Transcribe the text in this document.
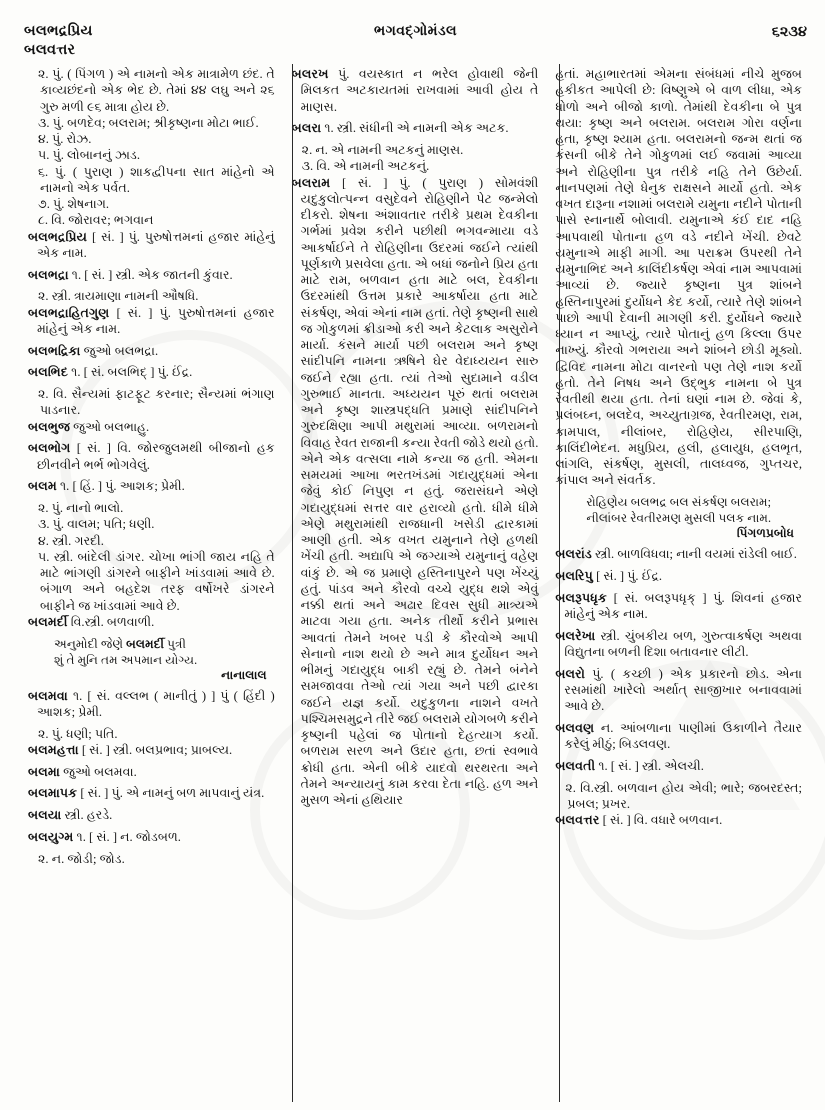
બલભદ્રપ્રિય
બલવત્તર
ભગવદ્ગોમંડલ	૬૨૩૪
૨. પું. ( પિંગળ ) એ નામનો એક માત્રામેળ છંદ. તે કાવ્યછંદનો એક ભેદ છે. તેમાં ૪૪ લઘુ અને ૨૬ ગુરુ મળી ૯૬ માત્રા હોય છે.
૩. પું. બળદેવ; બલરામ; શ્રીકૃષ્ણના મોટા ભાઈ.
૪. પું. રોઝ.
૫. પું. લોબાનનું ઝાડ.
૬. પું. ( પુરાણ ) શાકદ્વીપના સાત માંહેનો એ નામનો એક પર્વત.
૭. પું. શેષનાગ.
૮. વિ. જોરાવર; ભગવાન
બલભદ્રપ્રિય [ સં. ] પું. પુરુષોત્તમનાં હજાર માંહેનું એક નામ.
બલભદ્રા ૧. [ સં. ] સ્ત્રી. એક જાતની કુંવાર.
૨. સ્ત્રી. ત્રાયમાણા નામની ઔષધિ.
બલભદ્રાહિતગુણ [ સં. ] પું. પુરુષોત્તમનાં હજાર માંહેનું એક નામ.
બલભદ્રિકા જુઓ બલભદ્રા.
બલભિદ ૧. [ સં. બલભિદ્ ] પું. ઈંદ્ર.
૨. વિ. સૈન્યમાં ફાટફૂટ કરનાર; સૈન્યમાં ભંગાણ પાડનાર.
બલભુજ જુઓ બલભાહુ.
બલભોગ [ સં. ] વિ. જોરજુલમથી બીજાનો હક છીનવીને ભર્ભ ભોગવેલું.
બલમ ૧. [ હિં. ] પું. આશક; પ્રેમી.
૨. પું. નાનો ભાલો.
૩. પું. વાલમ; પતિ; ધણી.
૪. સ્ત્રી. ગરદી.
૫. સ્ત્રી. બાંદેલી ડાંગર. ચોખા ભાંગી જાય નહિ તે માટે ભાંગણી ડાંગરને બાફીને ખાંડવામાં આવે છે. બંગાળ અને બહદેશ તરફ વર્ષોખરે ડાંગરને બાફીને જ ખાંડવામાં આવે છે.
બલમર્દી વિ.સ્ત્રી. બળવાળી.
અનુમોદી જેણે બલમર્દી પુત્રી
શું તે મુનિ તમ અપમાન યોગ્ય.
નાનાલાલ
બલમવા ૧. [ સં. વલ્લભ ( માનીતું ) ] પું ( હિંદી ) આશક; પ્રેમી.
૨. પું. ધણી; પતિ.
બલમહત્તા [ સં. ] સ્ત્રી. બલપ્રભાવ; પ્રાબલ્ય.
બલમા જુઓ બલમવા.
બલમાપક [ સં. ] પું. એ નામનું બળ માપવાનું યંત્ર.
બલયા સ્ત્રી. હરડે.
બલયુગ્મ ૧. [ સં. ] ન. જોડબળ.
૨. ન. જોડી; જોડ.
બલરખ પું. વયસ્કાત ન ભરેલ હોવાથી જેની મિલકત અટકાયતમાં રાખવામાં આવી હોય તે માણસ.
બલરા ૧. સ્ત્રી. સંધીની એ નામની એક અટક.
૨. ન. એ નામની અટકનું માણસ.
૩. વિ. એ નામની અટકનું.
બલરામ [ સં. ] પું. ( પુરાણ ) સોમવંશી યદુકુલોત્પન્ન વસુદેવને રોહિણીને પેટ જન્મેલો દીકરો. શેષના અંશાવતાર તરીકે પ્રથમ દેવકીના ગર્ભમાં પ્રવેશ કરીને પછીથી ભગવન્માયા વડે આકર્ષાઈને તે રોહિણીના ઉદરમાં જઈને ત્યાંથી પૂર્ણકાળે પ્રસવેલા હતા. એ બધાં જનોને પ્રિય હતા માટે રામ, બળવાન હતા માટે બલ, દેવકીના ઉદરમાંથી ઉત્તમ પ્રકારે આકર્ષાયા હતા માટે સંકર્ષણ, એવાં એનાં નામ હતાં. તેણે કૃષ્ણની સાથે જ ગોકુળમાં ક્રીડાઓ કરી અને કેટલાક અસુરોને માર્યા. કંસને માર્યા પછી બલરામ અને કૃષ્ણ સાંદીપનિ નામના ઋષિને ઘેર વેદાધ્યયન સારુ જઈને રહ્યા હતા. ત્યાં તેઓ સુદામાને વડીલ ગુરુભાઈ માનતા. અધ્યયન પૂરું થતાં બલરામ અને કૃષ્ણ શાસ્ત્રપદ્ધતિ પ્રમાણે સાંદીપનિને ગુરુદક્ષિણા આપી મથુરામાં આવ્યા. બળરામનો વિવાહ રેવત રાજાની કન્યા રેવતી જોડે થયો હતો. એને એક વત્સલા નામે કન્યા જ હતી. એમના સમયમાં આખા ભરતખંડમાં ગદાયુદ્ધમાં એના જેવું કોઈ નિપુણ ન હતું. જરાસંઘને એણે ગદાયુદ્ધમાં સત્તર વાર હરાવ્યો હતો. ધીમે ધીમે એણે મથુરામાંથી રાજધાની ખસેડી દ્વારકામાં આણી હતી. એક વખત યમુનાને તેણે હળથી ખેંચી હતી. અદ્યાપિ એ જગ્યાએ યમુનાનું વહેણ વાંકું છે. એ જ પ્રમાણે હસ્તિનાપુરને પણ ખેંચ્યું હતું. પાંડવ અને કૌરવો વચ્ચે યુદ્ધ થશે એવું નક્કી થતાં અને અઢાર દિવસ સુધી માત્ર્યએ માટવા ગયા હતા. અનેક તીર્થો કરીને પ્રભાસ આવતાં તેમને ખબર પડી કે કૌરવોએ આપી સેનાનો નાશ થયો છે અને માત્ર દુર્યોધન અને ભીમનું ગદાયુદ્ધ બાકી રહ્યું છે. તેમને બંનેને સમજાવવા તેઓ ત્યાં ગયા અને પછી દ્વારકા જઈને યજ્ઞ કર્યો. યદુકુળના નાશને વખતે પશ્ચિમસમુદ્રને તીરે જઈ બલરામે યોગબળે કરીને કૃષ્ણની પહેલાં જ પોતાનો દેહત્યાગ કર્યો. બળરામ સરળ અને ઉદાર હતા, છતાં સ્વભાવે ક્રોધી હતા. એની બીકે યાદવો થરથરતા અને તેમને અન્યાયનું કામ કરવા દેતા નહિ. હળ અને મુસળ એનાં હથિયાર
હતાં. મહાભારતમાં એમના સંબંધમાં નીચે મુજબ હકીકત આપેલી છે: વિષ્ણુએ બે વાળ લીધા, એક ધોળો અને બીજો કાળો. તેમાંથી દેવકીના બે પુત્ર થયા: કૃષ્ણ અને બલરામ. બલરામ ગોરા વર્ણના હતા, કૃષ્ણ શ્યામ હતા. બલરામનો જન્મ થતાં જ કંસની બીકે તેને ગોકુળમાં લઈ જવામાં આવ્યા અને રોહિણીના પુત્ર તરીકે નહિ તેને ઉછેર્યા. નાનપણમાં તેણે ધેનુક રાક્ષસને માર્યો હતો. એક વખત દારૂના નશામાં બલરામે યમુના નદીને પોતાની પાસે સ્નાનાર્થે બોલાવી. યમુનાએ કંઈ દાદ નહિ આપવાથી પોતાના હળ વડે નદીને ખેંચી. છેવટે યમુનાએ માફી માગી. આ પરાક્રમ ઉપરથી તેને યમુનાભિદ અને કાલિંદીકર્ષણ એવાં નામ આપવામાં આવ્યાં છે. જ્યારે કૃષ્ણના પુત્ર શાંબને હસ્તિનાપુરમાં દુર્યોધને કેદ કર્યો, ત્યારે તેણે શાંબને પાછો આપી દેવાની માગણી કરી. દુર્યોધને જ્યારે ધ્યાન ન આપ્યું, ત્યારે પોતાનું હળ કિલ્લા ઉપર નાખ્યું. કૌરવો ગભરાયા અને શાંબને છોડી મૂક્યો. દ્વિવિદ નામના મોટા વાનરનો પણ તેણે નાશ કર્યો હતો. તેને નિષધ અને ઉદ્ભુક નામના બે પુત્ર રેવતીથી થયા હતા. તેનાં ઘણાં નામ છે. જેવાં કે, પ્રલંબઘ્ન, બલદેવ, અચ્યુતાગ્રજ, રેવતીરમણ, રામ, કામપાલ, નીલાંબર, રોહિણેય, સીરપાણિ, કાલિંદીભેદન. મધુપ્રિય, હલી, હલાયુધ, હલભૃત, લાંગલિ, સંકર્ષણ, મુસલી, તાલધ્વજ, ગુપ્તચર, કાંપાલ અને સંવર્તક.
રોહિણેય બલભદ્ર બલ સંકર્ષણ બલરામ;
નીલાંબર રેવતીરમણ મુસલી પલક નામ.
પિંગળપ્રબોધ
બલરાંડ સ્ત્રી. બાળવિધવા; નાની વયમાં રાંડેલી બાઈ.
બલરિપુ [ સં. ] પું. ઈંદ્ર.
બલરૂપધૃક [ સં. બલરૂપધૃક્ ] પું. શિવનાં હજાર માંહેનું એક નામ.
બલરેખા સ્ત્રી. ચુંબકીય બળ, ગુરુત્વાકર્ષણ અથવા વિદ્યુતના બળની દિશા બતાવનાર લીટી.
બલરો પું. ( કચ્છી ) એક પ્રકારનો છોડ. એના રસમાંથી ખારેલો અર્થાત્ સાજીખાર બનાવવામાં આવે છે.
બલવણ ન. આંબળાના પાણીમાં ઉકાળીને તૈયાર કરેલું મીઠું; બિડલવણ.
બલવતી ૧. [ સં. ] સ્ત્રી. એલચી.
૨. વિ.સ્ત્રી. બળવાન હોય એવી; ભારે; જબરદસ્ત; પ્રબલ; પ્રખર.
બલવત્તર [ સં. ] વિ. વધારે બળવાન.
